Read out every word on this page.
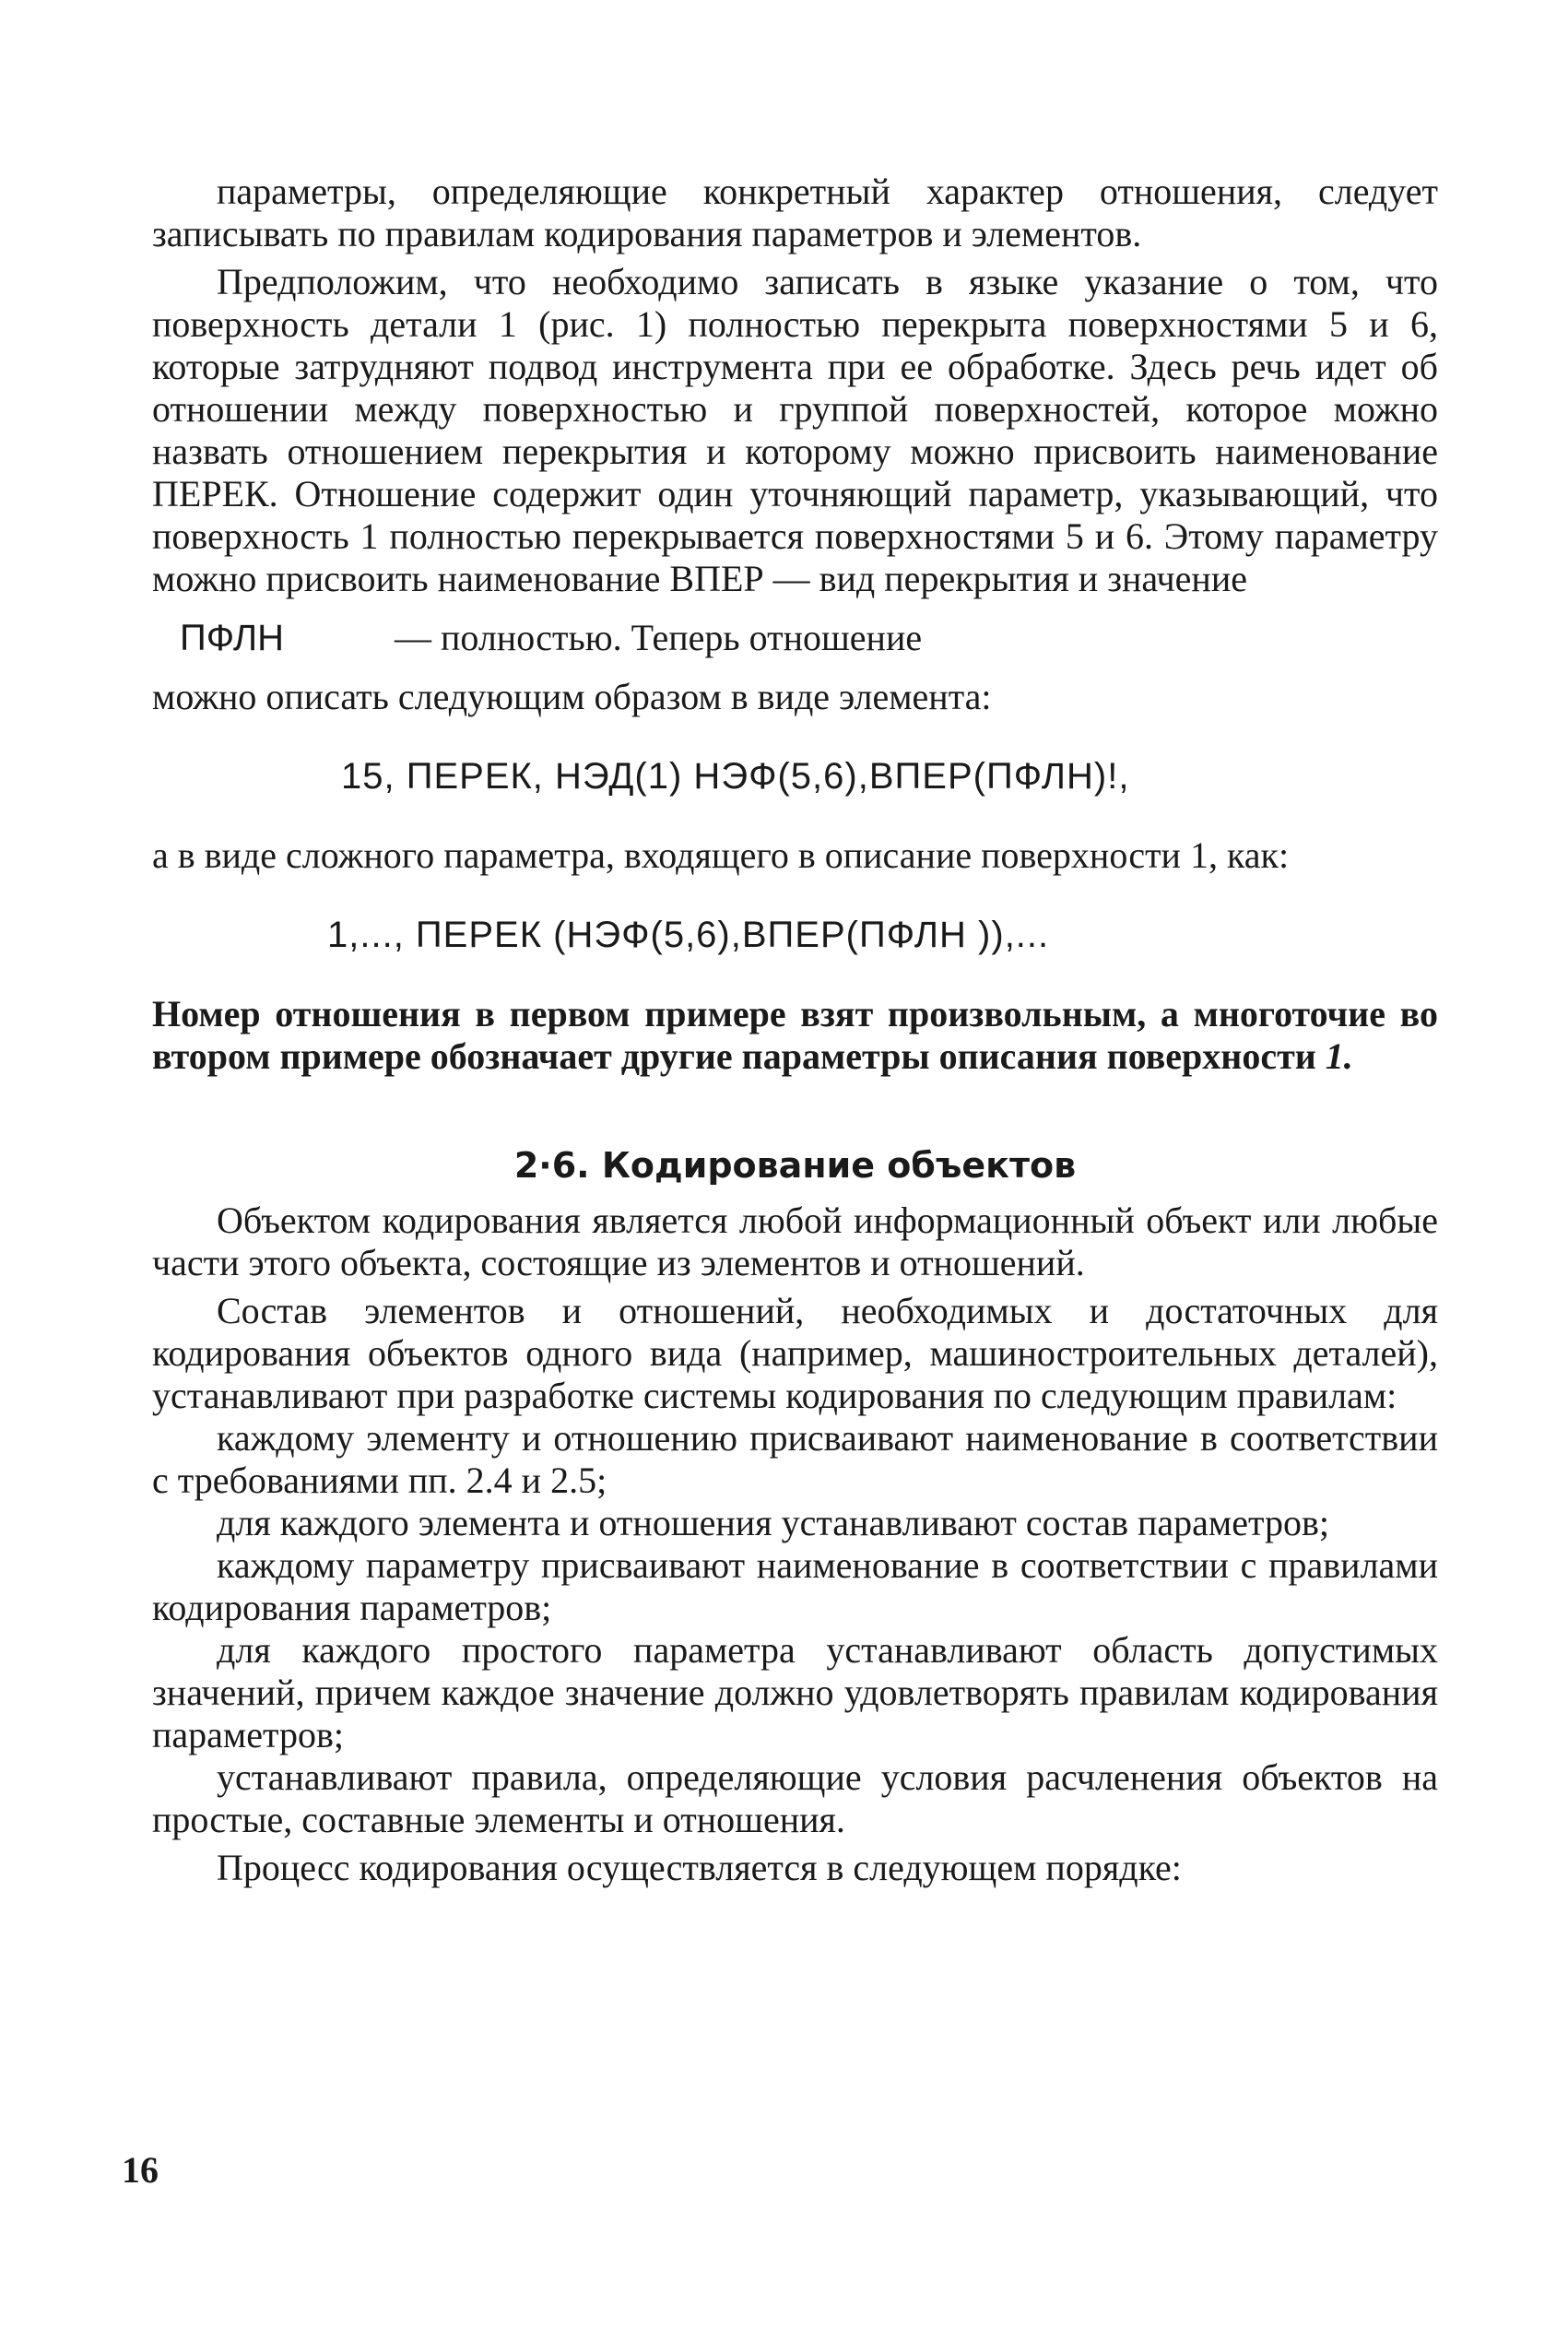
параметры, определяющие конкретный характер отношения, следует записывать по правилам кодирования параметров и элементов.

Предположим, что необходимо записать в языке указание о том, что поверхность детали 1 (рис. 1) полностью перекрыта поверхностями 5 и 6, которые затрудняют подвод инструмента при ее обработке. Здесь речь идет об отношении между поверхностью и группой поверхностей, которое можно назвать отношением перекрытия и которому можно присвоить наименование ПЕРЕК. Отношение содержит один уточняющий параметр, указывающий, что поверхность 1 полностью перекрывается поверхностями 5 и 6. Этому параметру можно присвоить наименование ВПЕР — вид перекрытия и значение

ПФЛН	— полностью. Теперь отношение

можно описать следующим образом в виде элемента:

15, ПЕРЕК, НЭД(1) НЭФ(5,6),ВПЕР(ПФЛН)!,

а в виде сложного параметра, входящего в описание поверхности 1, как:

1,..., ПЕРЕК (НЭФ(5,6),ВПЕР(ПФЛН )),...

Номер отношения в первом примере взят произвольным, а многоточие во втором примере обозначает другие параметры описания поверхности 1.

2·6. Кодирование объектов

Объектом кодирования является любой информационный объект или любые части этого объекта, состоящие из элементов и отношений.

Состав элементов и отношений, необходимых и достаточных для кодирования объектов одного вида (например, машиностроительных деталей), устанавливают при разработке системы кодирования по следующим правилам:

каждому элементу и отношению присваивают наименование в соответствии с требованиями пп. 2.4 и 2.5;

для каждого элемента и отношения устанавливают состав параметров;

каждому параметру присваивают наименование в соответствии с правилами кодирования параметров;

для каждого простого параметра устанавливают область допустимых значений, причем каждое значение должно удовлетворять правилам кодирования параметров;

устанавливают правила, определяющие условия расчленения объектов на простые, составные элементы и отношения.

Процесс кодирования осуществляется в следующем порядке:

16
